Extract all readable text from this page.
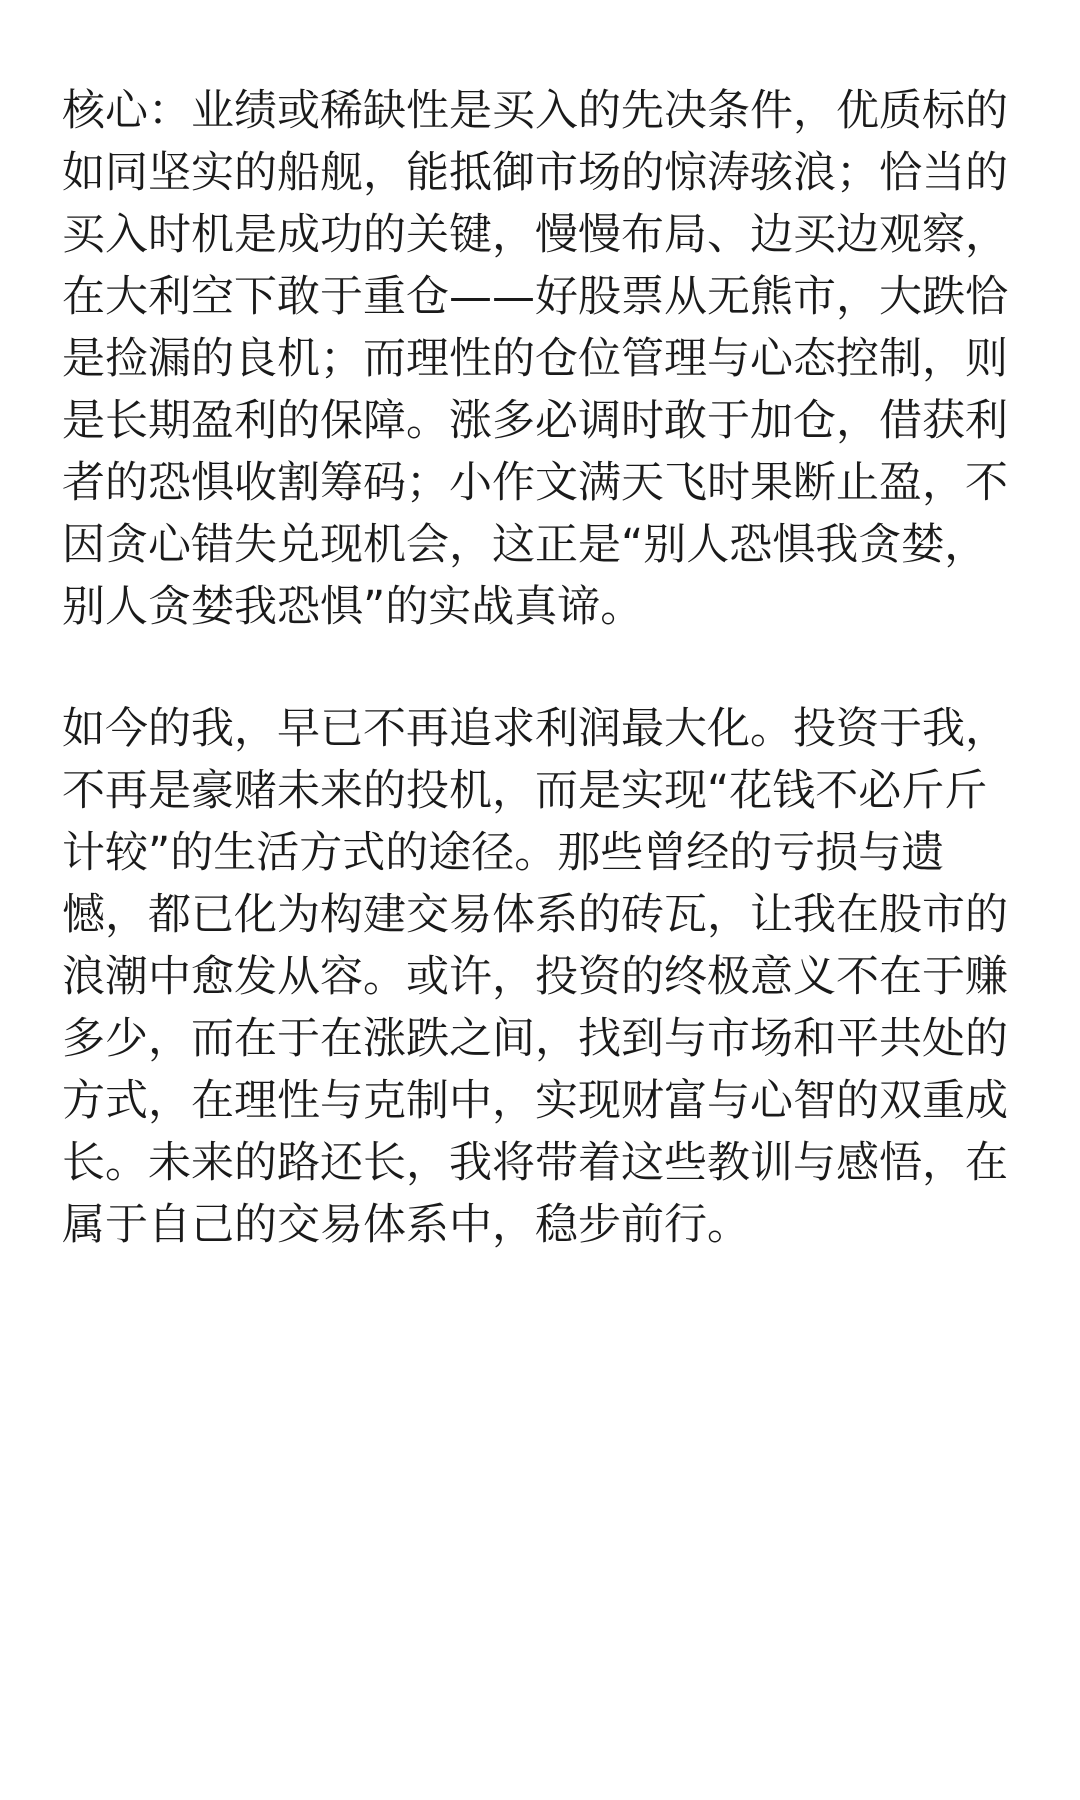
核心：业绩或稀缺性是买入的先决条件，优质标的
如同坚实的船舰，能抵御市场的惊涛骇浪；恰当的
买入时机是成功的关键，慢慢布局、边买边观察，
在大利空下敢于重仓——好股票从无熊市，大跌恰
是捡漏的良机；而理性的仓位管理与心态控制，则
是长期盈利的保障。涨多必调时敢于加仓，借获利
者的恐惧收割筹码；小作文满天飞时果断止盈，不
因贪心错失兑现机会，这正是“别人恐惧我贪婪，
别人贪婪我恐惧”的实战真谛。

如今的我，早已不再追求利润最大化。投资于我，
不再是豪赌未来的投机，而是实现“花钱不必斤斤
计较”的生活方式的途径。那些曾经的亏损与遗
憾，都已化为构建交易体系的砖瓦，让我在股市的
浪潮中愈发从容。或许，投资的终极意义不在于赚
多少，而在于在涨跌之间，找到与市场和平共处的
方式，在理性与克制中，实现财富与心智的双重成
长。未来的路还长，我将带着这些教训与感悟，在
属于自己的交易体系中，稳步前行。
